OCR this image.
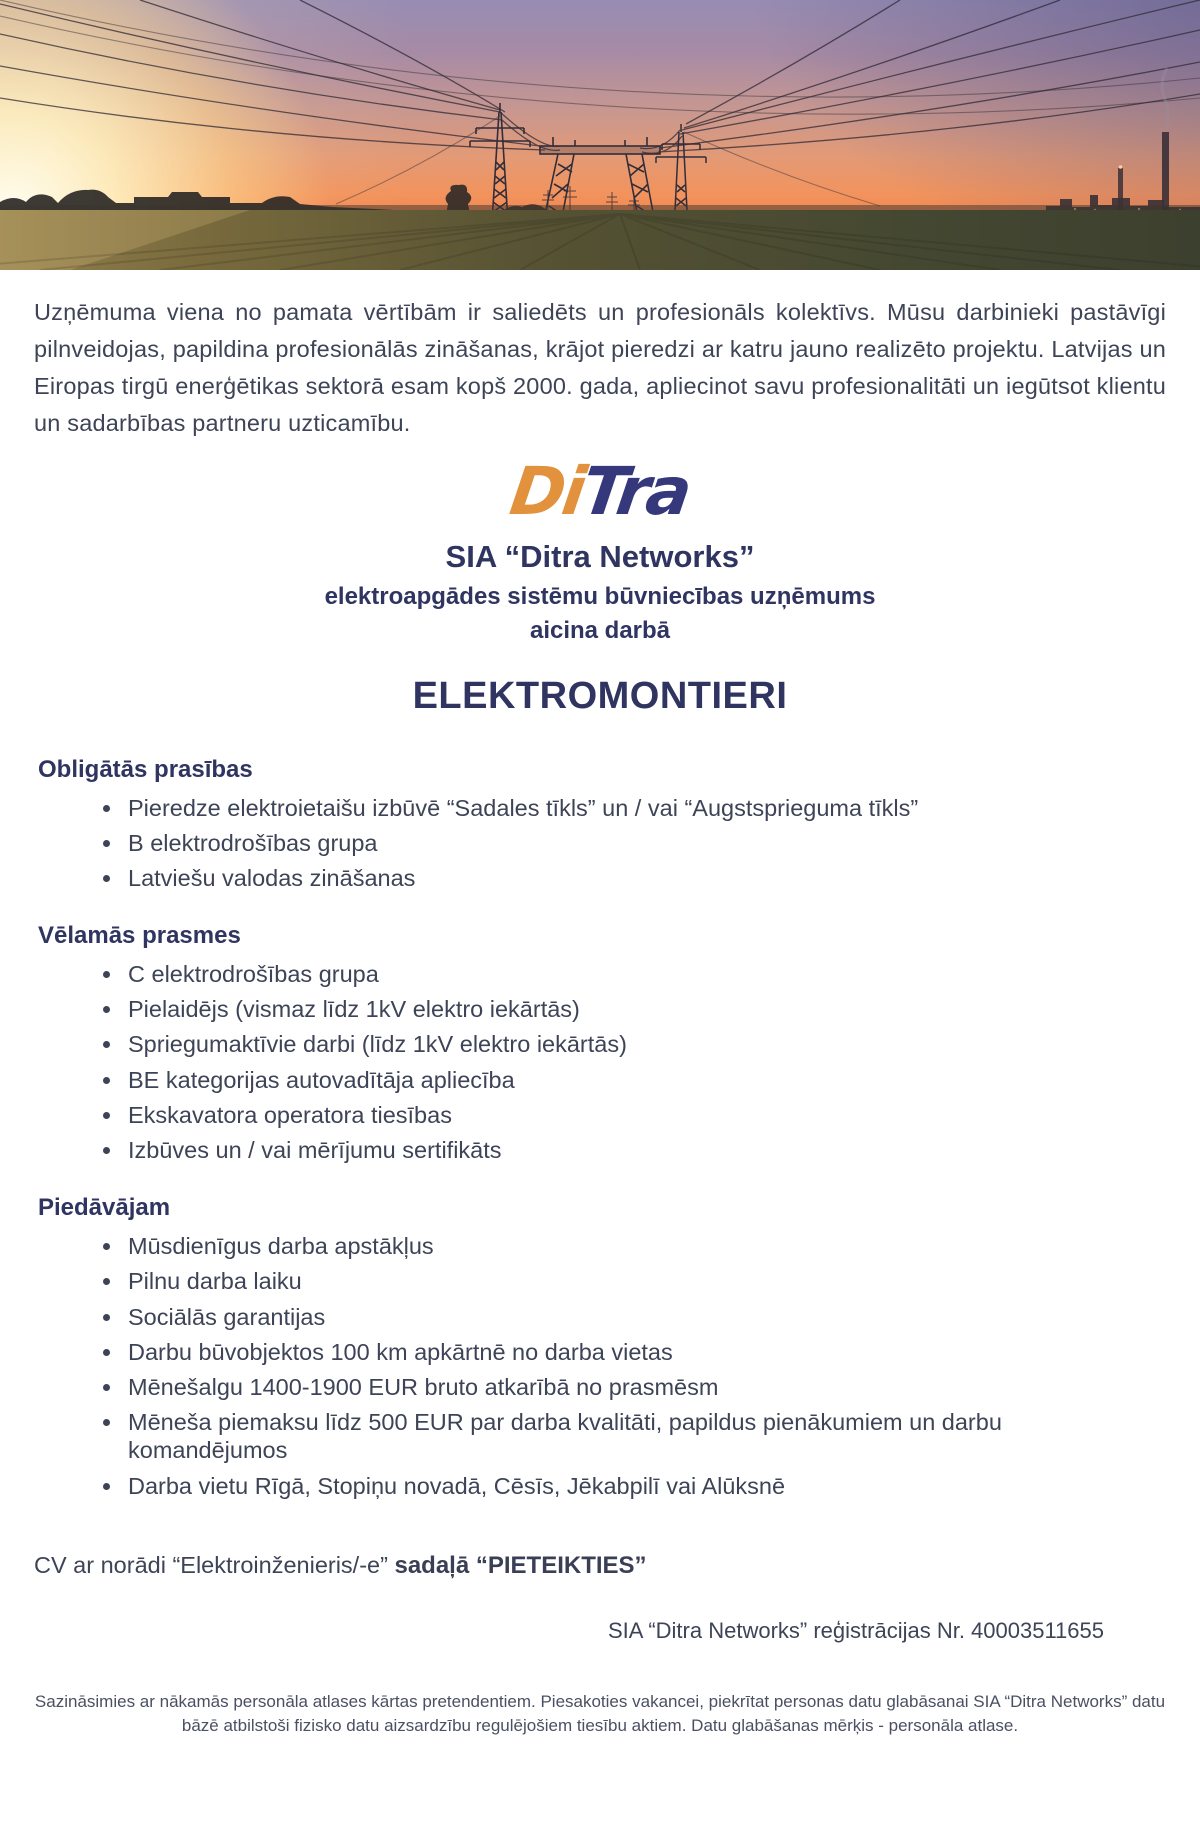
Uzņēmuma viena no pamata vērtībām ir saliedēts un profesionāls kolektīvs. Mūsu darbinieki pastāvīgi pilnveidojas, papildina profesionālās zināšanas, krājot pieredzi ar katru jauno realizēto projektu. Latvijas un Eiropas tirgū enerģētikas sektorā esam kopš 2000. gada, apliecinot savu profesionalitāti un iegūtsot klientu un sadarbības partneru uzticamību.

DiTra
SIA “Ditra Networks”

elektroapgādes sistēmu būvniecības uzņēmums

aicina darbā

ELEKTROMONTIERI
Obligātās prasības
• Pieredze elektroietaišu izbūvē “Sadales tīkls” un / vai “Augstsprieguma tīkls”
• B elektrodrošības grupa
• Latviešu valodas zināšanas
Vēlamās prasmes
• C elektrodrošības grupa
• Pielaidējs (vismaz līdz 1kV elektro iekārtās)
• Spriegumaktīvie darbi (līdz 1kV elektro iekārtās)
• BE kategorijas autovadītāja apliecība
• Ekskavatora operatora tiesības
• Izbūves un / vai mērījumu sertifikāts
Piedāvājam
• Mūsdienīgus darba apstākļus
• Pilnu darba laiku
• Sociālās garantijas
• Darbu būvobjektos 100 km apkārtnē no darba vietas
• Mēnešalgu 1400-1900 EUR bruto atkarībā no prasmēsm
• Mēneša piemaksu līdz 500 EUR par darba kvalitāti, papildus pienākumiem un darbu komandējumos
• Darba vietu Rīgā, Stopiņu novadā, Cēsīs, Jēkabpilī vai Alūksnē

CV ar norādi “Elektroinženieris/-e” sadaļā “PIETEIKTIES”

SIA “Ditra Networks” reģistrācijas Nr. 40003511655

Sazināsimies ar nākamās personāla atlases kārtas pretendentiem. Piesakoties vakancei, piekrītat personas datu glabāsanai SIA “Ditra Networks” datu bāzē atbilstoši fizisko datu aizsardzību regulējošiem tiesību aktiem. Datu glabāšanas mērķis - personāla atlase.
